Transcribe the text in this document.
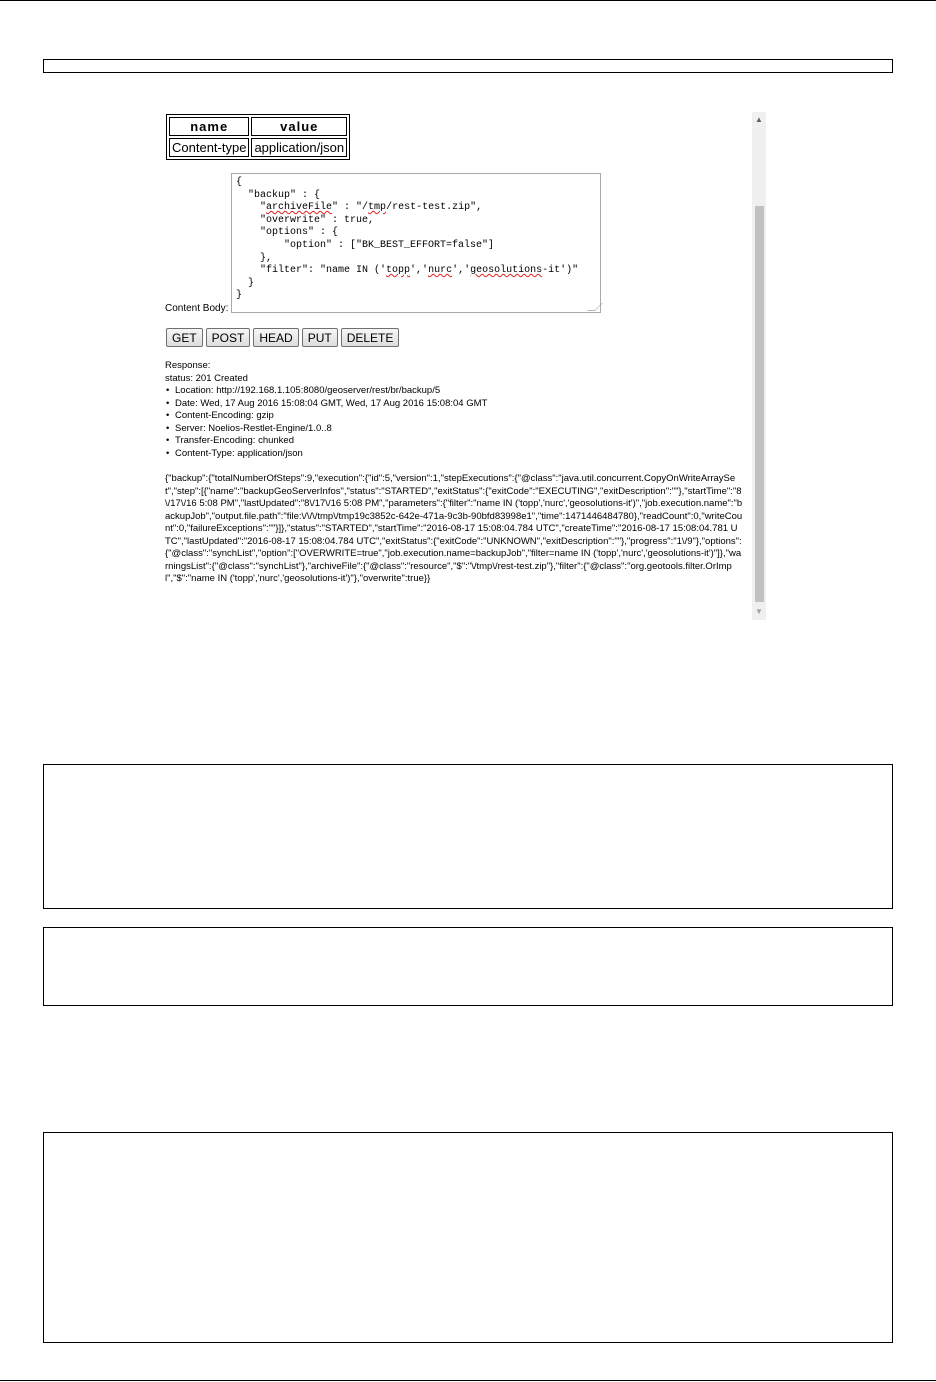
name	value
Content-type	application/json
Content Body:
{
"backup" : {
"archiveFile" : "/tmp/rest-test.zip",
"overwrite" : true,
"options" : {
"option" : ["BK_BEST_EFFORT=false"]
},
"filter": "name IN ('topp','nurc','geosolutions-it')"
}
}
GET	POST	HEAD	PUT	DELETE
Response:
status: 201 Created
• Location: http://192.168.1.105:8080/geoserver/rest/br/backup/5
• Date: Wed, 17 Aug 2016 15:08:04 GMT, Wed, 17 Aug 2016 15:08:04 GMT
• Content-Encoding: gzip
• Server: Noelios-Restlet-Engine/1.0..8
• Transfer-Encoding: chunked
• Content-Type: application/json
{"backup":{"totalNumberOfSteps":9,"execution":{"id":5,"version":1,"stepExecutions":{"@class":"java.util.concurrent.CopyOnWriteArraySet","step":[{"name":"backupGeoServerInfos","status":"STARTED","exitStatus":{"exitCode":"EXECUTING","exitDescription":""},"startTime":"8\/17\/16 5:08 PM","lastUpdated":"8\/17\/16 5:08 PM","parameters":{"filter":"name IN ('topp','nurc','geosolutions-it')","job.execution.name":"backupJob","output.file.path":"file:\/\/\/tmp\/tmp19c3852c-642e-471a-9c3b-90bfd83998e1","time":1471446484780},"readCount":0,"writeCount":0,"failureExceptions":""}]},"status":"STARTED","startTime":"2016-08-17 15:08:04.784 UTC","createTime":"2016-08-17 15:08:04.781 UTC","lastUpdated":"2016-08-17 15:08:04.784 UTC","exitStatus":{"exitCode":"UNKNOWN","exitDescription":""},"progress":"1\/9"},"options":{"@class":"synchList","option":["OVERWRITE=true","job.execution.name=backupJob","filter=name IN ('topp','nurc','geosolutions-it')"]},"warningsList":{"@class":"synchList"},"archiveFile":{"@class":"resource","$":"\/tmp\/rest-test.zip"},"filter":{"@class":"org.geotools.filter.OrImpl","$":"name IN ('topp','nurc','geosolutions-it')"},"overwrite":true}}
▲
▼
